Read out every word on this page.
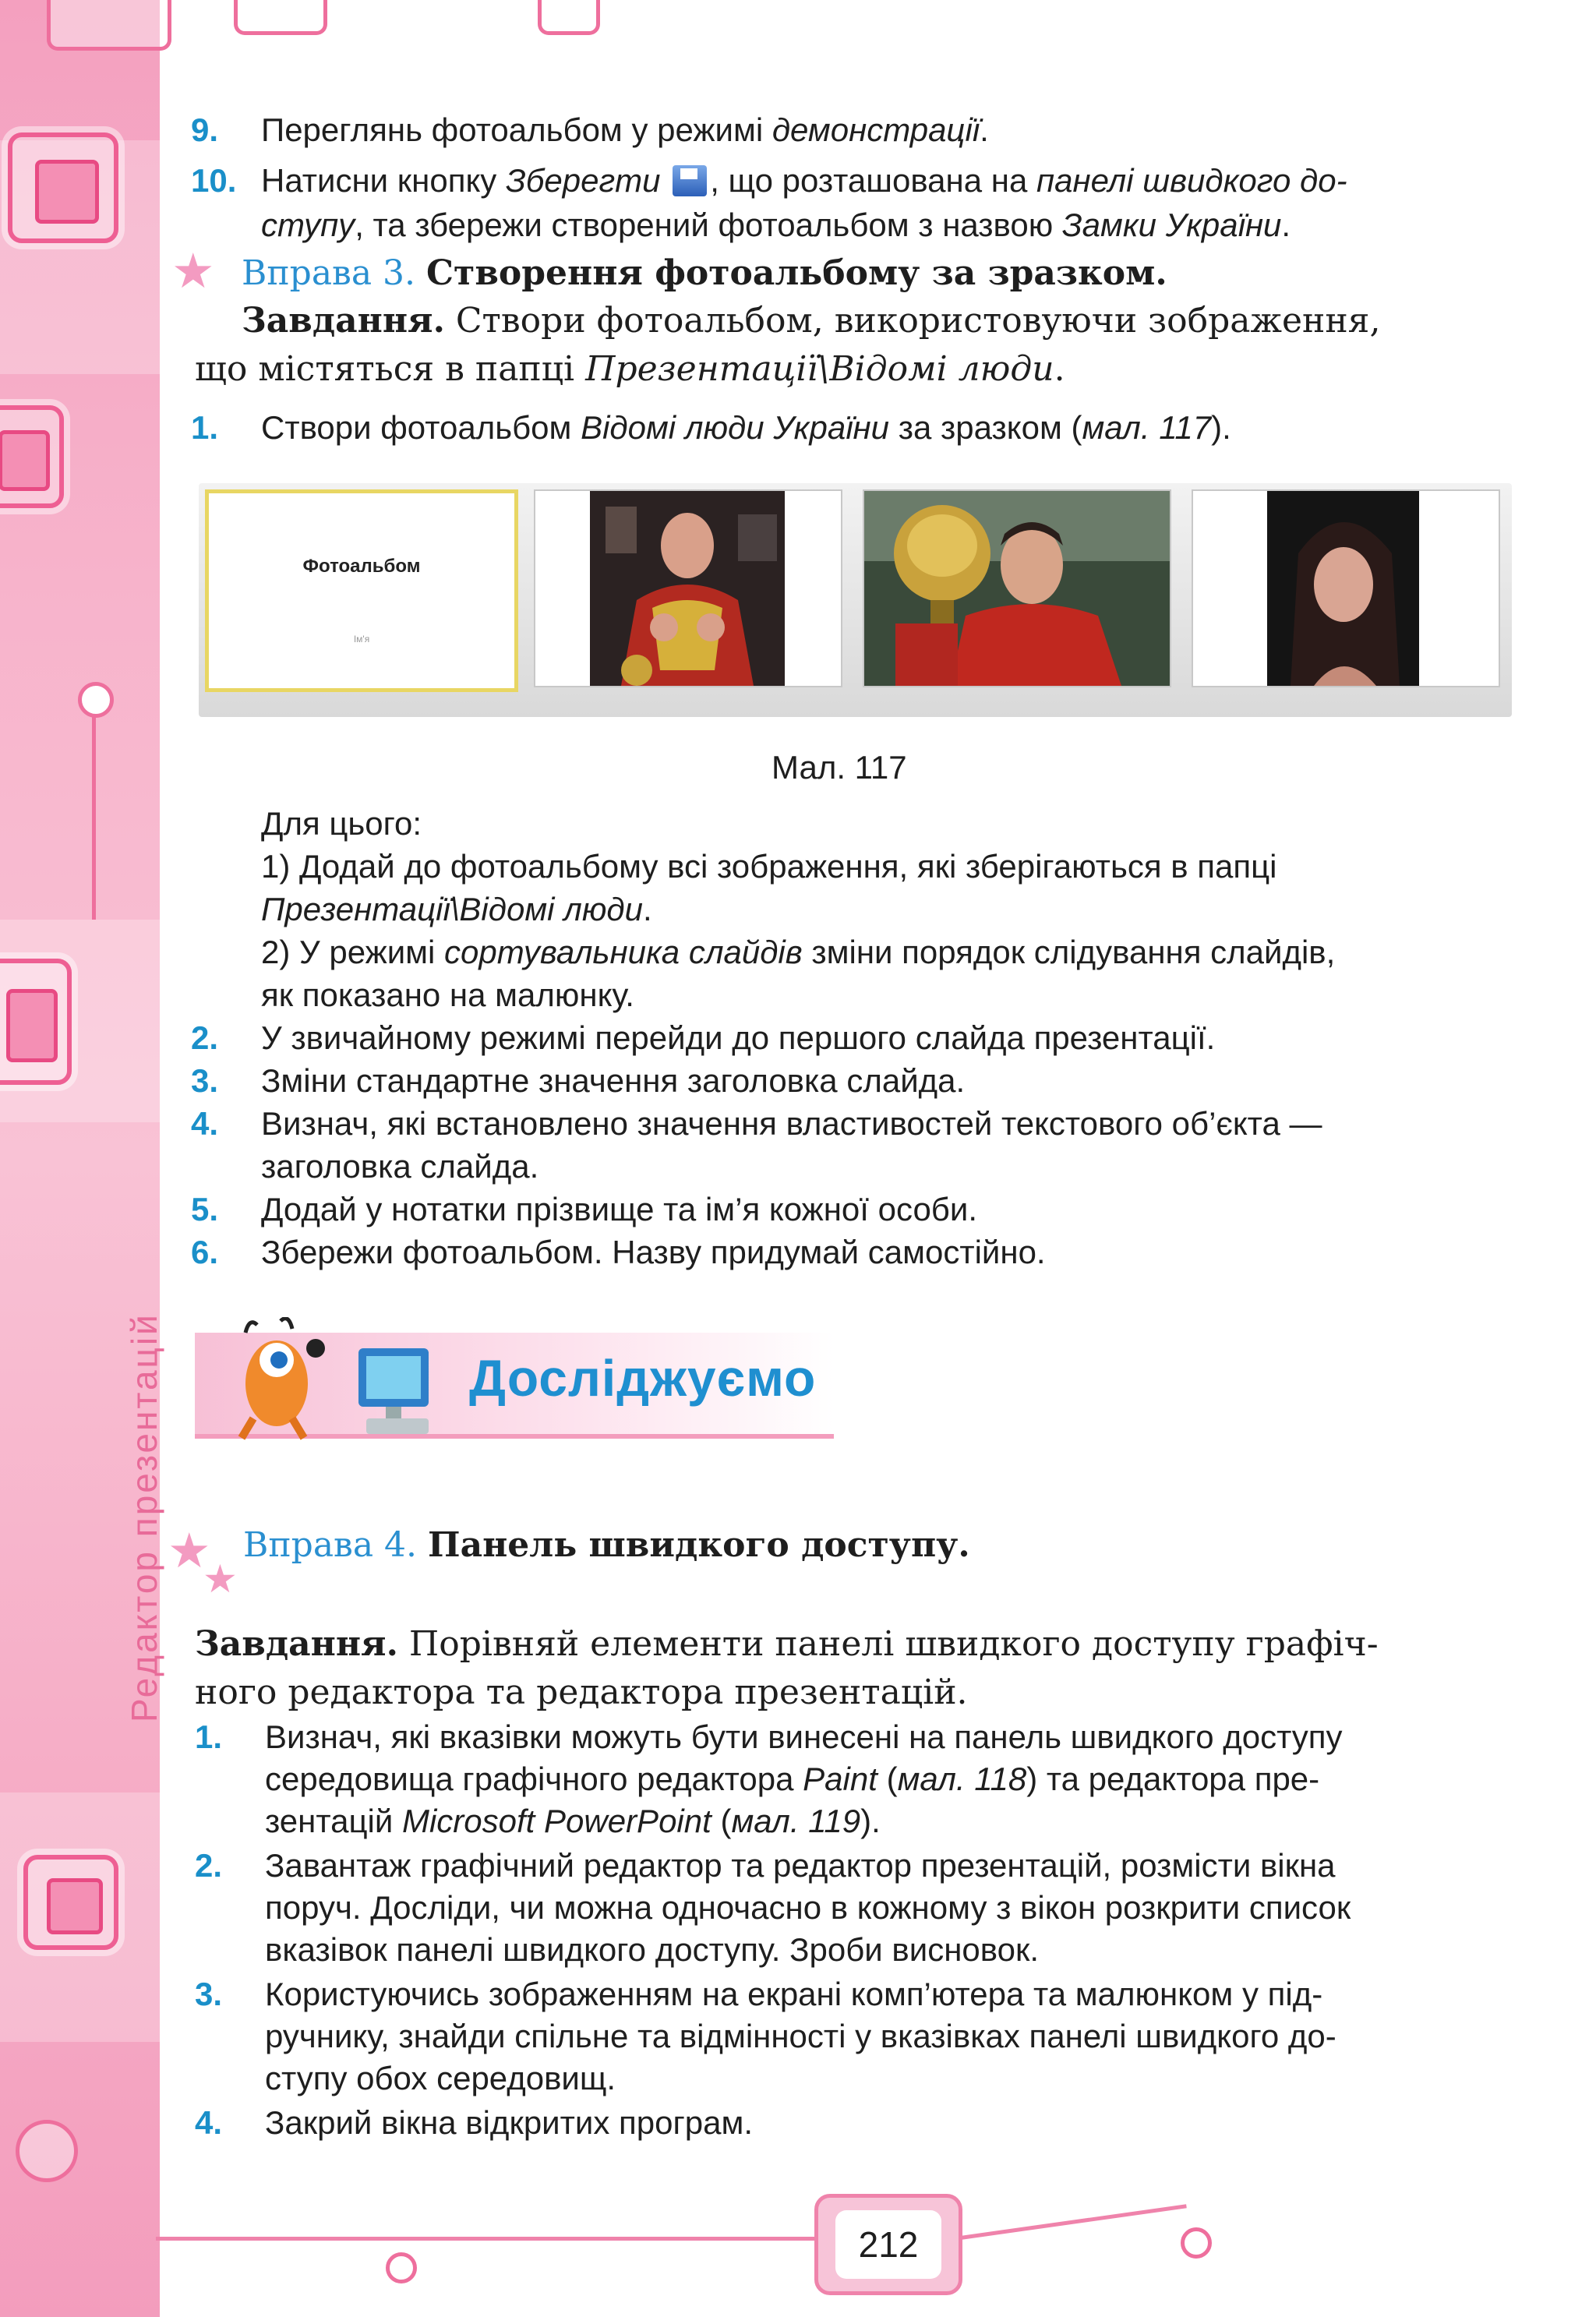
Редактор презентацій
9. Переглянь фотоальбом у режимі демонстрації.
10. Натисни кнопку Зберегти , що розташована на панелі швидкого до-
ступу, та збережи створений фотоальбом з назвою Замки України.
★ Вправа 3. Створення фотоальбому за зразком.
Завдання. Створи фотоальбом, використовуючи зображення,
що містяться в папці Презентації\Відомі люди.
1. Створи фотоальбом Відомі люди України за зразком (мал. 117).
Фотоальбом
Ім'я
Мал. 117
Для цього:
1) Додай до фотоальбому всі зображення, які зберігаються в папці
Презентації\Відомі люди.
2) У режимі сортувальника слайдів зміни порядок слідування слайдів,
як показано на малюнку.
2. У звичайному режимі перейди до першого слайда презентації.
3. Зміни стандартне значення заголовка слайда.
4. Визнач, які встановлено значення властивостей текстового об’єкта —
заголовка слайда.
5. Додай у нотатки прізвище та ім’я кожної особи.
6. Збережи фотоальбом. Назву придумай самостійно.
Досліджуємо
★
★
Вправа 4. Панель швидкого доступу.
Завдання. Порівняй елементи панелі швидкого доступу графіч-
ного редактора та редактора презентацій.
1. Визнач, які вказівки можуть бути винесені на панель швидкого доступу
середовища графічного редактора Paint (мал. 118) та редактора пре-
зентацій Microsoft PowerPoint (мал. 119).
2. Завантаж графічний редактор та редактор презентацій, розмісти вікна
поруч. Досліди, чи можна одночасно в кожному з вікон розкрити список
вказівок панелі швидкого доступу. Зроби висновок.
3. Користуючись зображенням на екрані комп’ютера та малюнком у під-
ручнику, знайди спільне та відмінності у вказівках панелі швидкого до-
ступу обох середовищ.
4. Закрий вікна відкритих програм.
212
